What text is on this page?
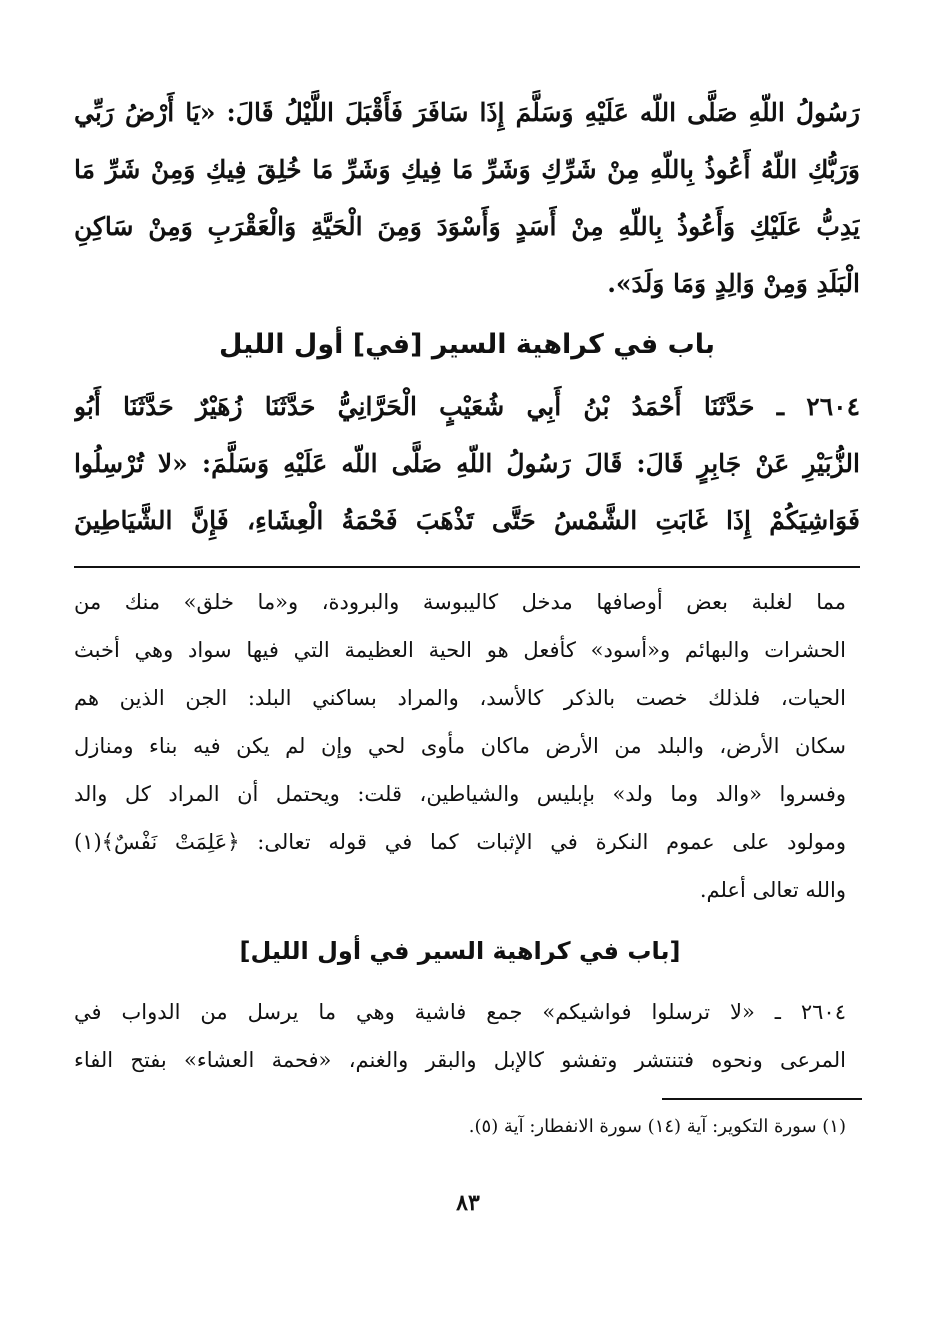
رَسُولُ اللّهِ صَلَّى اللّه عَلَيْهِ وَسَلَّمَ إِذَا سَافَرَ فَأَقْبَلَ اللَّيْلُ قَالَ: «يَا أَرْضُ رَبِّي
وَرَبُّكِ اللّهُ أَعُوذُ بِاللّهِ مِنْ شَرِّكِ وَشَرِّ مَا فِيكِ وَشَرِّ مَا خُلِقَ فِيكِ وَمِنْ شَرِّ مَا
يَدِبُّ عَلَيْكِ وَأَعُوذُ بِاللّهِ مِنْ أَسَدٍ وَأَسْوَدَ وَمِنَ الْحَيَّةِ وَالْعَقْرَبِ وَمِنْ سَاكِنِ
الْبَلَدِ وَمِنْ وَالِدٍ وَمَا وَلَدَ».
باب في كراهية السير [في] أول الليل
٢٦٠٤ ـ حَدَّثَنَا أَحْمَدُ بْنُ أَبِي شُعَيْبٍ الْحَرَّانِيُّ حَدَّثَنَا زُهَيْرٌ حَدَّثَنَا أَبُو
الزُّبَيْرِ عَنْ جَابِرٍ قَالَ: قَالَ رَسُولُ اللّهِ صَلَّى اللّه عَلَيْهِ وَسَلَّمَ: «لا تُرْسِلُوا
فَوَاشِيَكُمْ إِذَا غَابَتِ الشَّمْسُ حَتَّى تَذْهَبَ فَحْمَةُ الْعِشَاءِ، فَإِنَّ الشَّيَاطِينَ
مما لغلبة بعض أوصافها مدخل كاليبوسة والبرودة، و«ما خلق» منك من
الحشرات والبهائم و«أسود» كأفعل هو الحية العظيمة التي فيها سواد وهي أخبث
الحيات، فلذلك خصت بالذكر كالأسد، والمراد بساكني البلد: الجن الذين هم
سكان الأرض، والبلد من الأرض ماكان مأوى لحي وإن لم يكن فيه بناء ومنازل
وفسروا «والد وما ولد» بإبليس والشياطين، قلت: ويحتمل أن المراد كل والد
ومولود على عموم النكرة في الإثبات كما في قوله تعالى: ﴿عَلِمَتْ نَفْسٌ﴾(١)
والله تعالى أعلم.
[باب في كراهية السير في أول الليل]
٢٦٠٤ ـ «لا ترسلوا فواشيكم» جمع فاشية وهي ما يرسل من الدواب في
المرعى ونحوه فتنتشر وتفشو كالإبل والبقر والغنم، «فحمة العشاء» بفتح الفاء
(١) سورة التكوير: آية (١٤) سورة الانفطار: آية (٥).
٨٣
